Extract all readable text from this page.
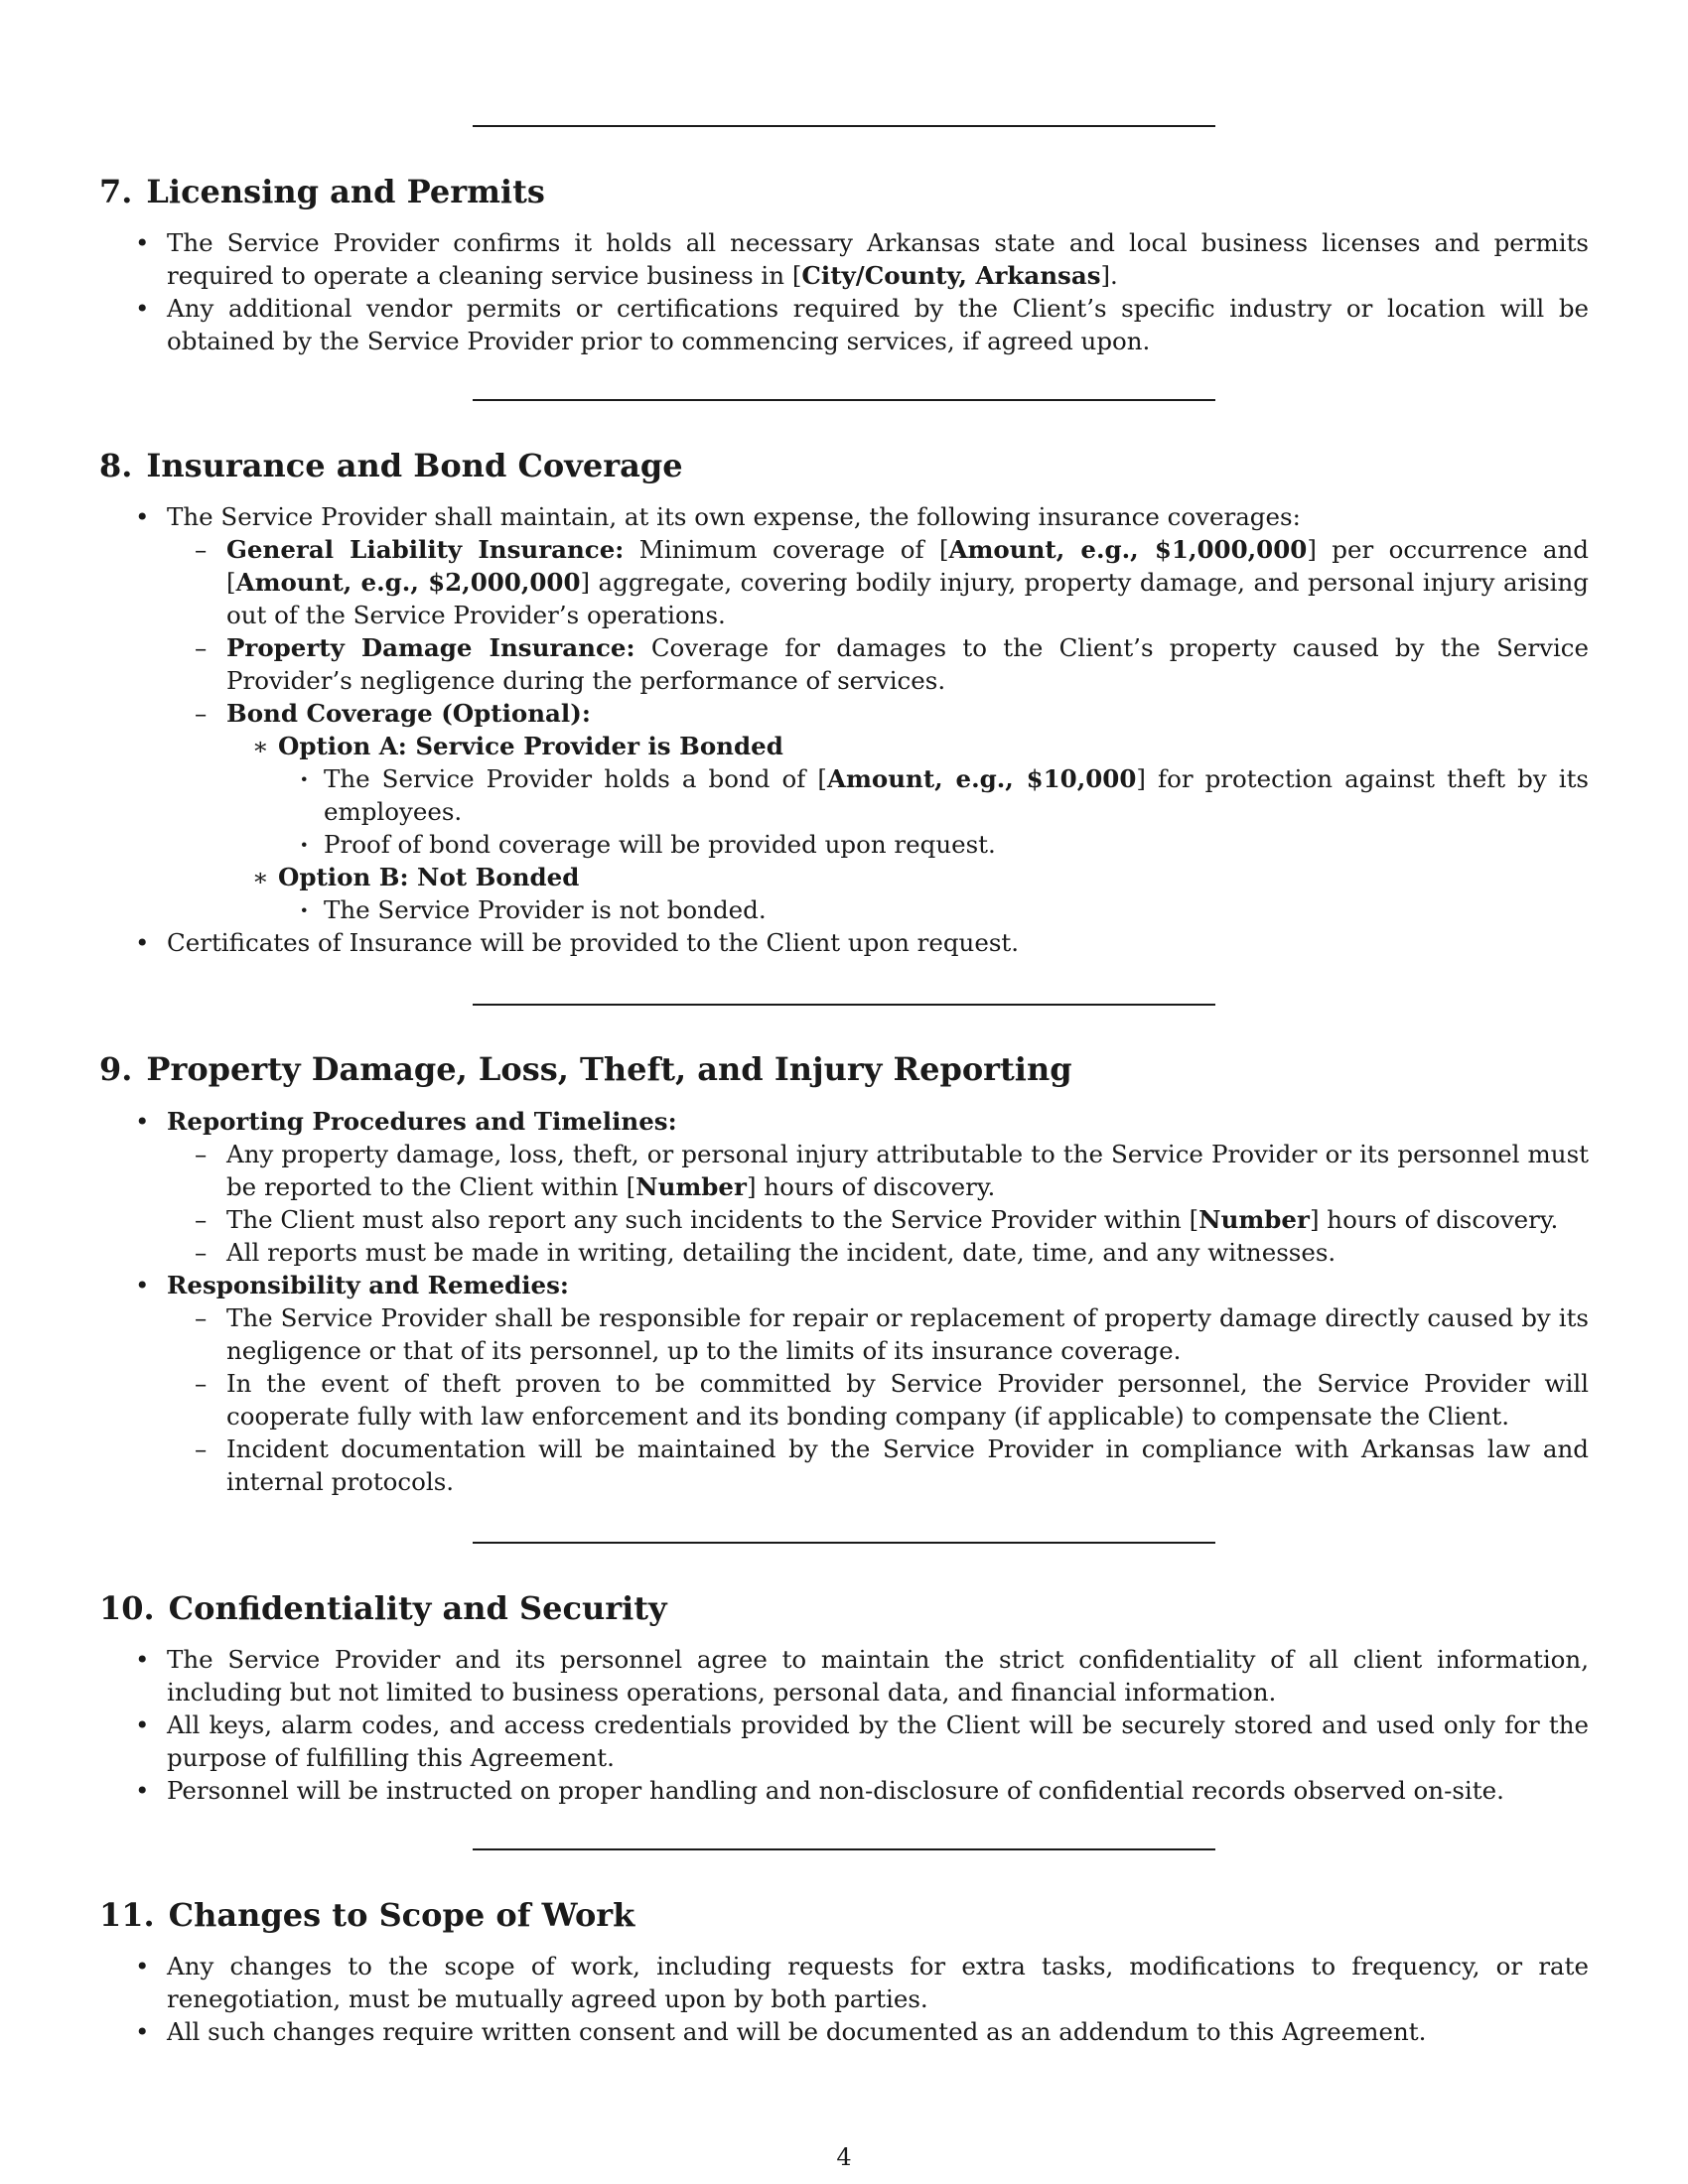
7. Licensing and Permits
• The Service Provider confirms it holds all necessary Arkansas state and local business licenses and permits required to operate a cleaning service business in [City/County, Arkansas].
• Any additional vendor permits or certifications required by the Client’s specific industry or location will be obtained by the Service Provider prior to commencing services, if agreed upon.
8. Insurance and Bond Coverage
• The Service Provider shall maintain, at its own expense, the following insurance coverages:
– General Liability Insurance: Minimum coverage of [Amount, e.g., $1,000,000] per occurrence and [Amount, e.g., $2,000,000] aggregate, covering bodily injury, property damage, and personal injury arising out of the Service Provider’s operations.
– Property Damage Insurance: Coverage for damages to the Client’s property caused by the Service Provider’s negligence during the performance of services.
– Bond Coverage (Optional):
∗ Option A: Service Provider is Bonded
· The Service Provider holds a bond of [Amount, e.g., $10,000] for protection against theft by its employees.
· Proof of bond coverage will be provided upon request.
∗ Option B: Not Bonded
· The Service Provider is not bonded.
• Certificates of Insurance will be provided to the Client upon request.
9. Property Damage, Loss, Theft, and Injury Reporting
• Reporting Procedures and Timelines:
– Any property damage, loss, theft, or personal injury attributable to the Service Provider or its personnel must be reported to the Client within [Number] hours of discovery.
– The Client must also report any such incidents to the Service Provider within [Number] hours of discovery.
– All reports must be made in writing, detailing the incident, date, time, and any witnesses.
• Responsibility and Remedies:
– The Service Provider shall be responsible for repair or replacement of property damage directly caused by its negligence or that of its personnel, up to the limits of its insurance coverage.
– In the event of theft proven to be committed by Service Provider personnel, the Service Provider will cooperate fully with law enforcement and its bonding company (if applicable) to compensate the Client.
– Incident documentation will be maintained by the Service Provider in compliance with Arkansas law and internal protocols.
10. Confidentiality and Security
• The Service Provider and its personnel agree to maintain the strict confidentiality of all client information, including but not limited to business operations, personal data, and financial information.
• All keys, alarm codes, and access credentials provided by the Client will be securely stored and used only for the purpose of fulfilling this Agreement.
• Personnel will be instructed on proper handling and non-disclosure of confidential records observed on-site.
11. Changes to Scope of Work
• Any changes to the scope of work, including requests for extra tasks, modifications to frequency, or rate renegotiation, must be mutually agreed upon by both parties.
• All such changes require written consent and will be documented as an addendum to this Agreement.
4
